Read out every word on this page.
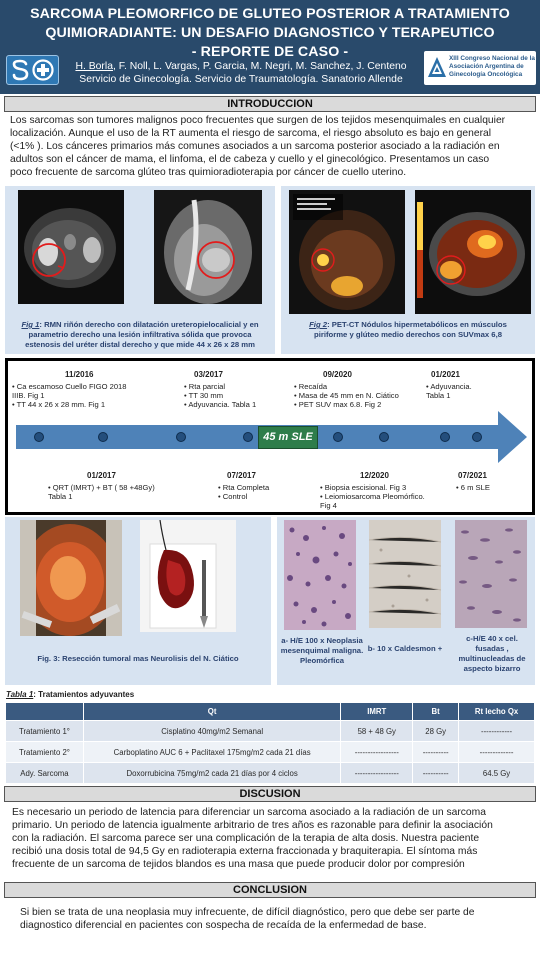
SARCOMA PLEOMORFICO DE GLUTEO POSTERIOR A TRATAMIENTO
QUIMIORADIANTE: UN DESAFIO DIAGNOSTICO Y TERAPEUTICO
- REPORTE DE CASO -
H. Borla, F. Noll, L. Vargas, P. Garcia, M. Negri, M. Sanchez, J. Centeno
Servicio de Ginecología. Servicio de Traumatología. Sanatorio Allende
XIII Congreso Nacional de la
Asociación Argentina de
Ginecología Oncológica
INTRODUCCION
Los sarcomas son tumores malignos poco frecuentes que surgen de los tejidos mesenquimales en cualquier
localización. Aunque el uso de la RT aumenta el riesgo de sarcoma, el riesgo absoluto es bajo en general
(<1% ). Los cánceres primarios más comunes asociados a un sarcoma posterior asociado a la radiación en
adultos son el cáncer de mama, el linfoma, el de cabeza y cuello y el ginecológico. Presentamos un caso
poco frecuente de sarcoma glúteo tras quimioradioterapia por cáncer de cuello uterino.
Fig 1: RMN riñón derecho con dilatación ureteropielocalicial y en
parametrio derecho una lesión infiltrativa sólida que provoca
estenosis del uréter distal derecho y que mide 44 x 26 x 28 mm
Fig 2: PET-CT Nódulos hipermetabólicos en músculos
piriforme y glúteo medio derechos con SUVmax 6,8
45 m SLE
11/2016
• Ca escamoso Cuello FIGO 2018
IIIB. Fig 1
• TT 44 x 26 x 28 mm. Fig 1
03/2017
• Rta parcial
• TT 30 mm
• Adyuvancia. Tabla 1
09/2020
• Recaída
• Masa de 45 mm en N. Ciático
• PET SUV max 6.8. Fig 2
01/2021
• Adyuvancia.
Tabla 1
01/2017
• QRT (IMRT) + BT ( 58 +48Gy)
Tabla 1
07/2017
• Rta Completa
• Control
12/2020
• Biopsia escisional. Fig 3
• Leiomiosarcoma Pleomórfico.
Fig 4
07/2021
• 6 m SLE
Fig. 3: Resección tumoral mas Neurolisis del N. Ciático
a- H/E 100 x Neoplasia
mesenquimal maligna.
Pleomórfica
b- 10 x Caldesmon +
c-H/E 40 x cel.
fusadas ,
multinucleadas de
aspecto bizarro
Tabla 1: Tratamientos adyuvantes
	Qt	IMRT	Bt	Rt lecho Qx
Tratamiento 1°	Cisplatino 40mg/m2 Semanal	58 + 48 Gy	28 Gy	------------
Tratamiento 2°	Carboplatino AUC 6 + Paclitaxel 175mg/m2 cada 21 días	-----------------	----------	-------------
Ady. Sarcoma	Doxorrubicina 75mg/m2 cada 21 días por 4 ciclos	-----------------	----------	64.5 Gy
DISCUSION
Es necesario un periodo de latencia para diferenciar un sarcoma asociado a la radiación de un sarcoma
primario. Un periodo de latencia igualmente arbitrario de tres años es razonable para definir la asociación
con la radiación. El sarcoma parece ser una complicación de la terapia de alta dosis. Nuestra paciente
recibió una dosis total de 94,5 Gy en radioterapia externa fraccionada y braquiterapia. El síntoma más
frecuente de un sarcoma de tejidos blandos es una masa que puede producir dolor por compresión
CONCLUSION
Si bien se trata de una neoplasia muy infrecuente, de difícil diagnóstico, pero que debe ser parte de
diagnostico diferencial en pacientes con sospecha de recaída de la enfermedad de base.
